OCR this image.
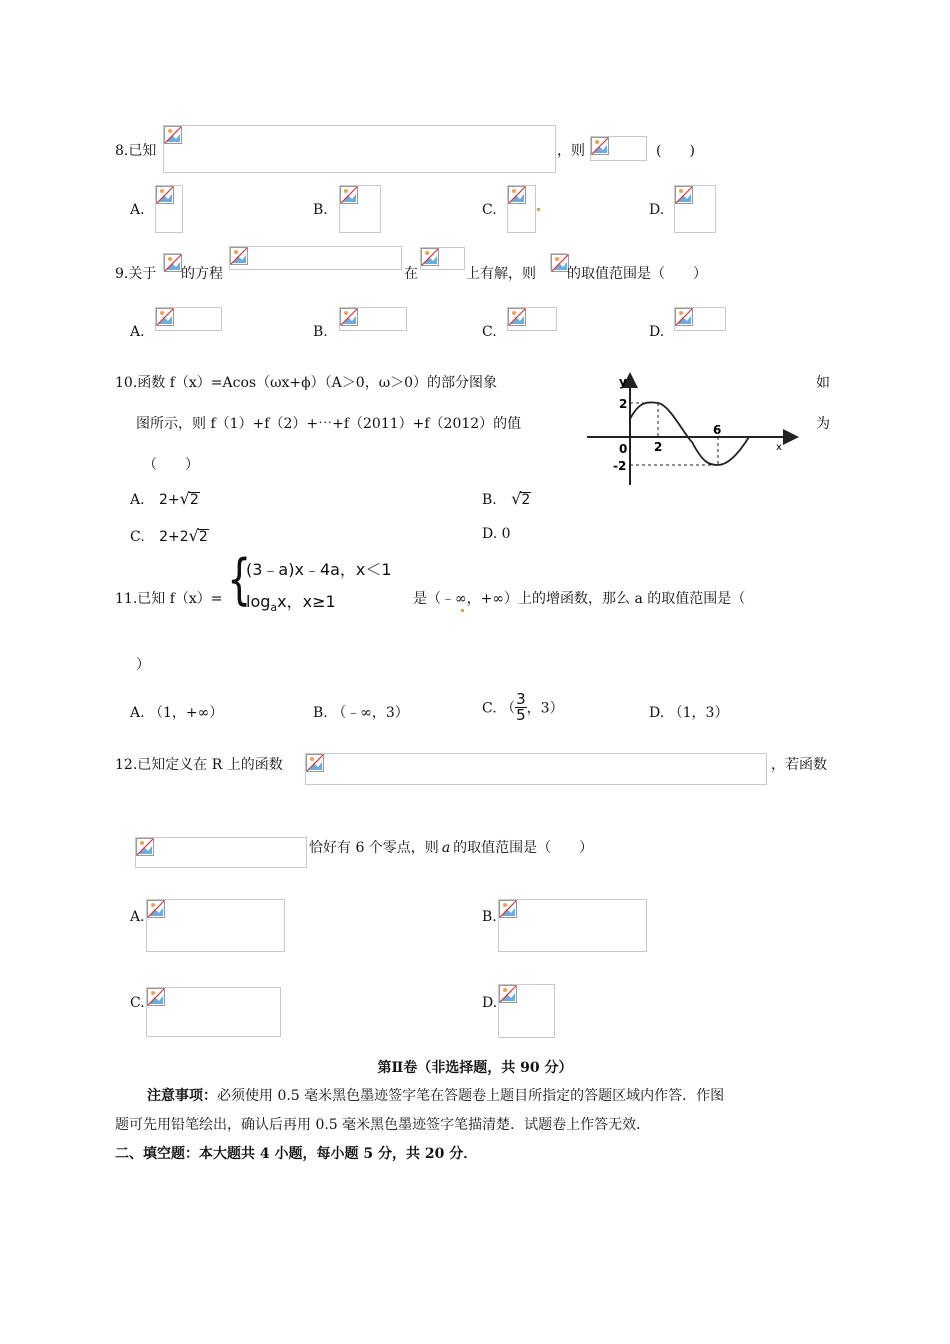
8.已知	，则	(　　)
A.	B.	C.	D.
9.关于 的方程	在	上有解，则 的取值范围是（　　）
A.	B.	C.	D.
10.函数 f（x）=Acos（ωx+ϕ）（A＞0，ω＞0）的部分图象	如
图所示，则 f（1）+f（2）+⋯+f（2011）+f（2012）的值	为
（　　）
y
x
2
-2
0 2
6
A. 2+√2	B. √2
C. 2+2√2	D. 0
11.已知 f（x）= {
(3﹣a)x﹣4a，x＜1
$\log_ax$，x≥1	是（﹣∞，+∞）上的增函数，那么 a 的取值范围是（
）
A. （1，+∞）	B. （﹣∞，3）	C. （ $\frac{3}{5}$ ，3）	D. （1，3）
12.已知定义在 R 上的函数	，若函数
恰好有 6 个零点，则 a 的取值范围是（　　）
A.	B.
C.	D.
第Ⅱ卷（非选择题，共 90 分）
注意事项：必须使用 0.5 毫米黑色墨迹签字笔在答题卷上题目所指定的答题区域内作答．作图
题可先用铅笔绘出，确认后再用 0.5 毫米黑色墨迹签字笔描清楚．试题卷上作答无效．
二、填空题：本大题共 4 小题，每小题 5 分，共 20 分．
